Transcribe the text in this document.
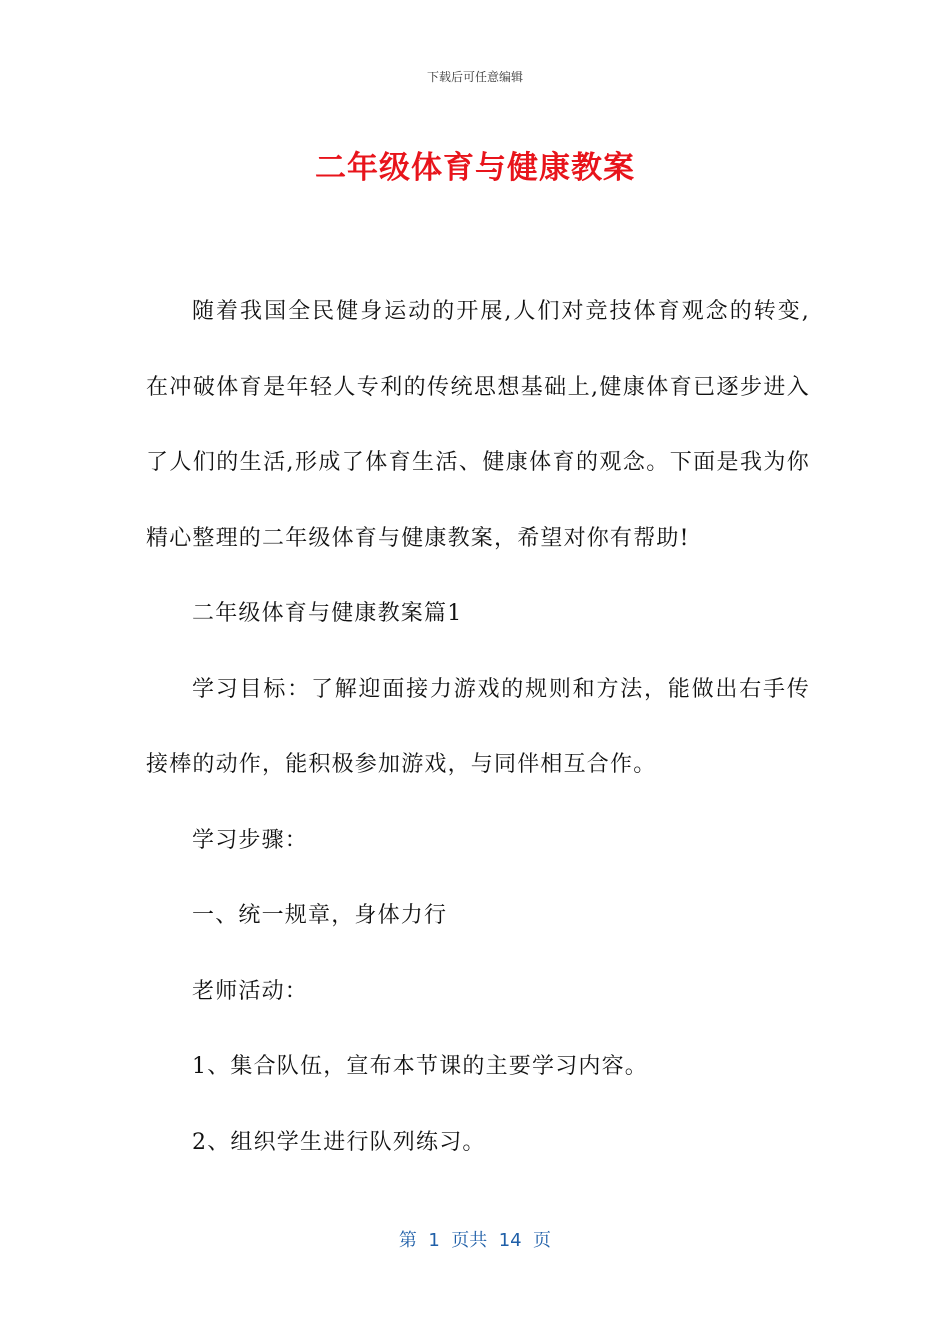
下载后可任意编辑
二年级体育与健康教案

随着我国全民健身运动的开展,人们对竞技体育观念的转变,在冲破体育是年轻人专利的传统思想基础上,健康体育已逐步进入了人们的生活,形成了体育生活、健康体育的观念。下面是我为你精心整理的二年级体育与健康教案，希望对你有帮助!

二年级体育与健康教案篇1

学习目标：了解迎面接力游戏的规则和方法，能做出右手传接棒的动作，能积极参加游戏，与同伴相互合作。

学习步骤：

一、统一规章，身体力行

老师活动：

1、集合队伍，宣布本节课的主要学习内容。

2、组织学生进行队列练习。

第  1  页共  14  页
